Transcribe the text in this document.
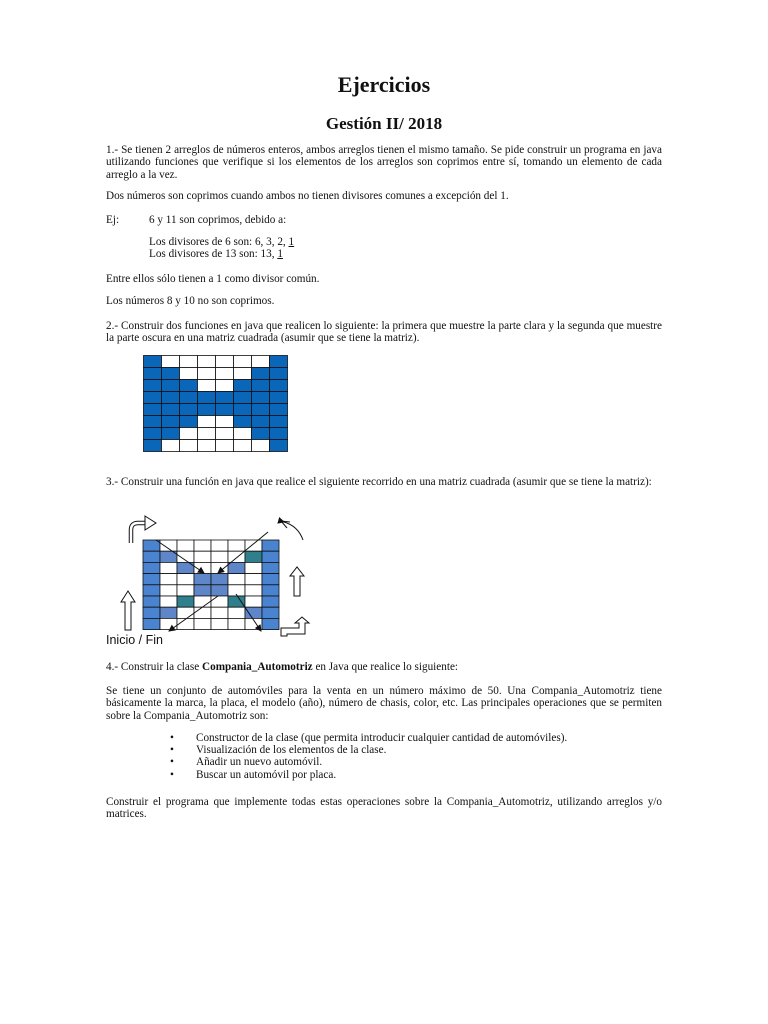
Ejercicios
Gestión II/ 2018

1.- Se tienen 2 arreglos de números enteros, ambos arreglos tienen el mismo tamaño. Se pide construir un programa en java utilizando funciones que verifique si los elementos de los arreglos son coprimos entre sí, tomando un elemento de cada arreglo a la vez.

Dos números son coprimos cuando ambos no tienen divisores comunes a excepción del 1.

Ej:	6 y 11 son coprimos, debido a:
Los divisores de 6 son: 6, 3, 2, 1
Los divisores de 13 son: 13, 1
Entre ellos sólo tienen a 1 como divisor común.
Los números 8 y 10 no son coprimos.

2.- Construir dos funciones en java que realicen lo siguiente: la primera que muestre la parte clara y la segunda que muestre la parte oscura en una matriz cuadrada (asumir que se tiene la matriz).

3.- Construir una función en java que realice el siguiente recorrido en una matriz cuadrada (asumir que se tiene la matriz):

Inicio / Fin
4.- Construir la clase Compania_Automotriz en Java que realice lo siguiente:

Se tiene un conjunto de automóviles para la venta en un número máximo de 50. Una Compania_Automotriz tiene básicamente la marca, la placa, el modelo (año), número de chasis, color, etc. Las principales operaciones que se permiten sobre la Compania_Automotriz son:

• Constructor de la clase (que permita introducir cualquier cantidad de automóviles).
• Visualización de los elementos de la clase.
• Añadir un nuevo automóvil.
• Buscar un automóvil por placa.

Construir el programa que implemente todas estas operaciones sobre la Compania_Automotriz, utilizando arreglos y/o matrices.
